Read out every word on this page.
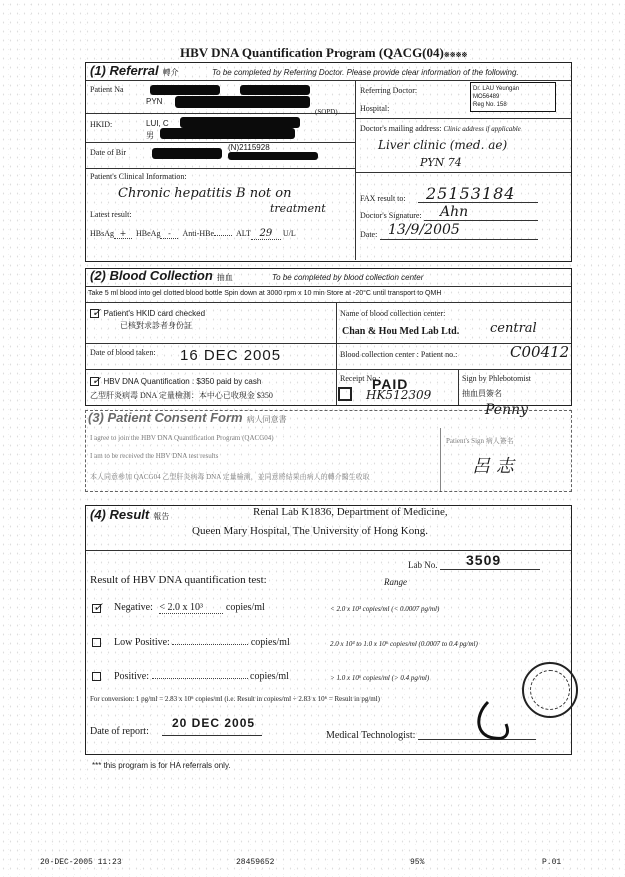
HBV DNA Quantification Program (QACG(04)※※※※
(1) Referral 轉介	To be completed by Referring Doctor. Please provide clear information of the following.
Patient Na
PYN
(SOPD)
HKID:	LUI, C
男
Date of Bir
(N)2115928
Referring Doctor:	Dr. LAU Yeungan
MO56489
Reg No. 158
Hospital:
Doctor's mailing address: Clinic address if applicable
Liver clinic (med. ae)
PYN 74
Patient's Clinical Information:
Chronic hepatitis B not on
treatment
Latest result:
HBsAg + HBeAg - Anti-HBe	ALT 29 U/L
FAX result to: 25153184
Doctor's Signature: Ahn
Date: 13/9/2005
(2) Blood Collection 抽血	To be completed by blood collection center
Take 5 ml blood into gel clotted blood bottle Spin down at 3000 rpm x 10 min Store at -20°C until transport to QMH
✓ Patient's HKID card checked
已核對求診者身份証
Name of blood collection center:
Chan & Hou Med Lab Ltd. central
Date of blood taken: 16 DEC 2005	Blood collection center : Patient no.:	C00412
✓ HBV DNA Quantification : $350 paid by cash
乙型肝炎病毒 DNA 定量檢測：本中心已收現金 $350
Receipt No.:
PAID
HK512309
Sign by Phlebotomist
抽血員簽名
Penny
(3) Patient Consent Form 病人同意書
I agree to join the HBV DNA Quantification Program (QACG04)
I am to be received the HBV DNA test results
本人同意參加 QACG04 乙型肝炎病毒 DNA 定量檢測，並同意將結果由病人的轉介醫生收取
Patient's Sign 病人簽名
呂 志
(4) Result 報告	Renal Lab K1836, Department of Medicine,
Queen Mary Hospital, The University of Hong Kong.
Lab No. 3509
Result of HBV DNA quantification test:	Range
✓ Negative: < 2.0 x 10³ copies/ml	< 2.0 x 10³ copies/ml (< 0.0007 pg/ml)
Low Positive:	copies/ml	2.0 x 10³ to 1.0 x 10⁶ copies/ml (0.0007 to 0.4 pg/ml)
Positive:	copies/ml	> 1.0 x 10⁶ copies/ml (> 0.4 pg/ml)
For conversion: 1 pg/ml = 2.83 x 10⁶ copies/ml (i.e. Result in copies/ml ÷ 2.83 x 10⁶ = Result in pg/ml)
Date of report:
20 DEC 2005
Medical Technologist:
*** this program is for HA referrals only.
20-DEC-2005 11:23	28459652	95%	P.01
